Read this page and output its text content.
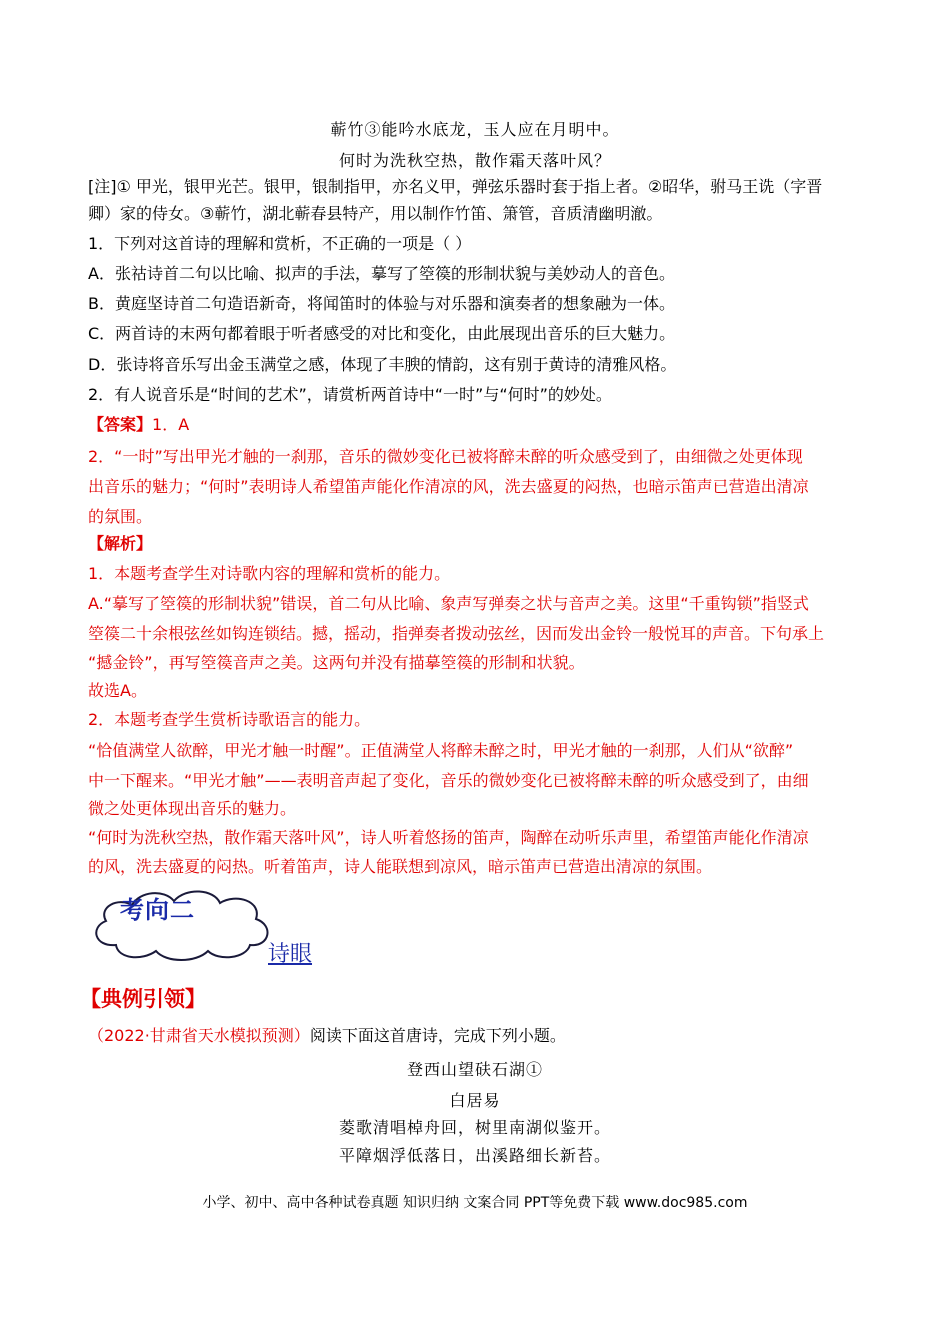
蕲竹③能吟水底龙，玉人应在月明中。
何时为洗秋空热，散作霜天落叶风？
[注]① 甲光，银甲光芒。银甲，银制指甲，亦名义甲，弹弦乐器时套于指上者。②昭华，驸马王诜（字晋
卿）家的侍女。③蕲竹，湖北蕲春县特产，用以制作竹笛、箫管，音质清幽明澈。
1．下列对这首诗的理解和赏析，不正确的一项是（ ）
A．张祜诗首二句以比喻、拟声的手法，摹写了箜篌的形制状貌与美妙动人的音色。
B．黄庭坚诗首二句造语新奇，将闻笛时的体验与对乐器和演奏者的想象融为一体。
C．两首诗的末两句都着眼于听者感受的对比和变化，由此展现出音乐的巨大魅力。
D．张诗将音乐写出金玉满堂之感，体现了丰腴的情韵，这有别于黄诗的清雅风格。
2．有人说音乐是“时间的艺术”，请赏析两首诗中“一时”与“何时”的妙处。
【答案】1．A
2．“一时”写出甲光才触的一刹那，音乐的微妙变化已被将醉未醉的听众感受到了，由细微之处更体现
出音乐的魅力；“何时”表明诗人希望笛声能化作清凉的风，洗去盛夏的闷热，也暗示笛声已营造出清凉
的氛围。
【解析】
1．本题考查学生对诗歌内容的理解和赏析的能力。
A.“摹写了箜篌的形制状貌”错误，首二句从比喻、象声写弹奏之状与音声之美。这里“千重钩锁”指竖式
箜篌二十余根弦丝如钩连锁结。撼，摇动，指弹奏者拨动弦丝，因而发出金铃一般悦耳的声音。下句承上
“撼金铃”，再写箜篌音声之美。这两句并没有描摹箜篌的形制和状貌。
故选A。
2．本题考查学生赏析诗歌语言的能力。
“恰值满堂人欲醉，甲光才触一时醒”。正值满堂人将醉未醉之时，甲光才触的一刹那，人们从“欲醉”
中一下醒来。“甲光才触”——表明音声起了变化，音乐的微妙变化已被将醉未醉的听众感受到了，由细
微之处更体现出音乐的魅力。
“何时为洗秋空热，散作霜天落叶风”，诗人听着悠扬的笛声，陶醉在动听乐声里，希望笛声能化作清凉
的风，洗去盛夏的闷热。听着笛声，诗人能联想到凉风，暗示笛声已营造出清凉的氛围。
考向二
诗眼
【典例引领】
（2022·甘肃省天水模拟预测）阅读下面这首唐诗，完成下列小题。
登西山望砆石湖①
白居易
菱歌清唱棹舟回，树里南湖似鉴开。
平障烟浮低落日，出溪路细长新苔。
小学、初中、高中各种试卷真题 知识归纳 文案合同 PPT等免费下载 www.doc985.com
